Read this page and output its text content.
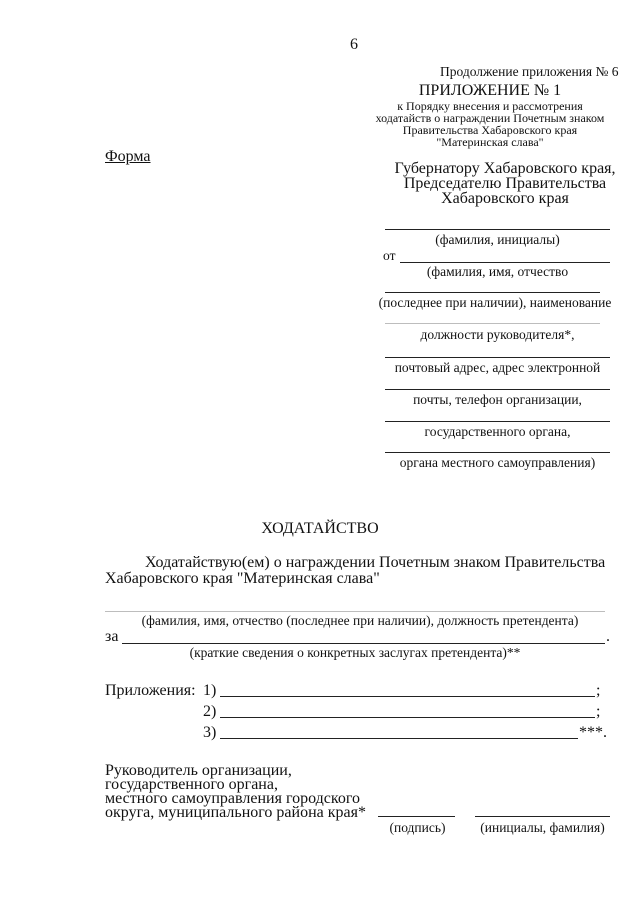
6
Продолжение приложения № 6
ПРИЛОЖЕНИЕ № 1
к Порядку внесения и рассмотрения
ходатайств о награждении Почетным знаком
Правительства Хабаровского края
"Материнская слава"
Форма
Губернатору Хабаровского края,
Председателю Правительства
Хабаровского края
(фамилия, инициалы)
от
(фамилия, имя, отчество
(последнее при наличии), наименование
должности руководителя*,
почтовый адрес, адрес электронной
почты, телефон организации,
государственного органа,
органа местного самоуправления)
ХОДАТАЙСТВО
Ходатайствую(ем) о награждении Почетным знаком Правительства
Хабаровского края "Материнская слава"
(фамилия, имя, отчество (последнее при наличии), должность претендента)
за	.
(краткие сведения о конкретных заслугах претендента)**
Приложения: 1)	;
2)	;
3)	***.
Руководитель организации,
государственного органа,
местного самоуправления городского
округа, муниципального района края*
(подпись)	(инициалы, фамилия)
